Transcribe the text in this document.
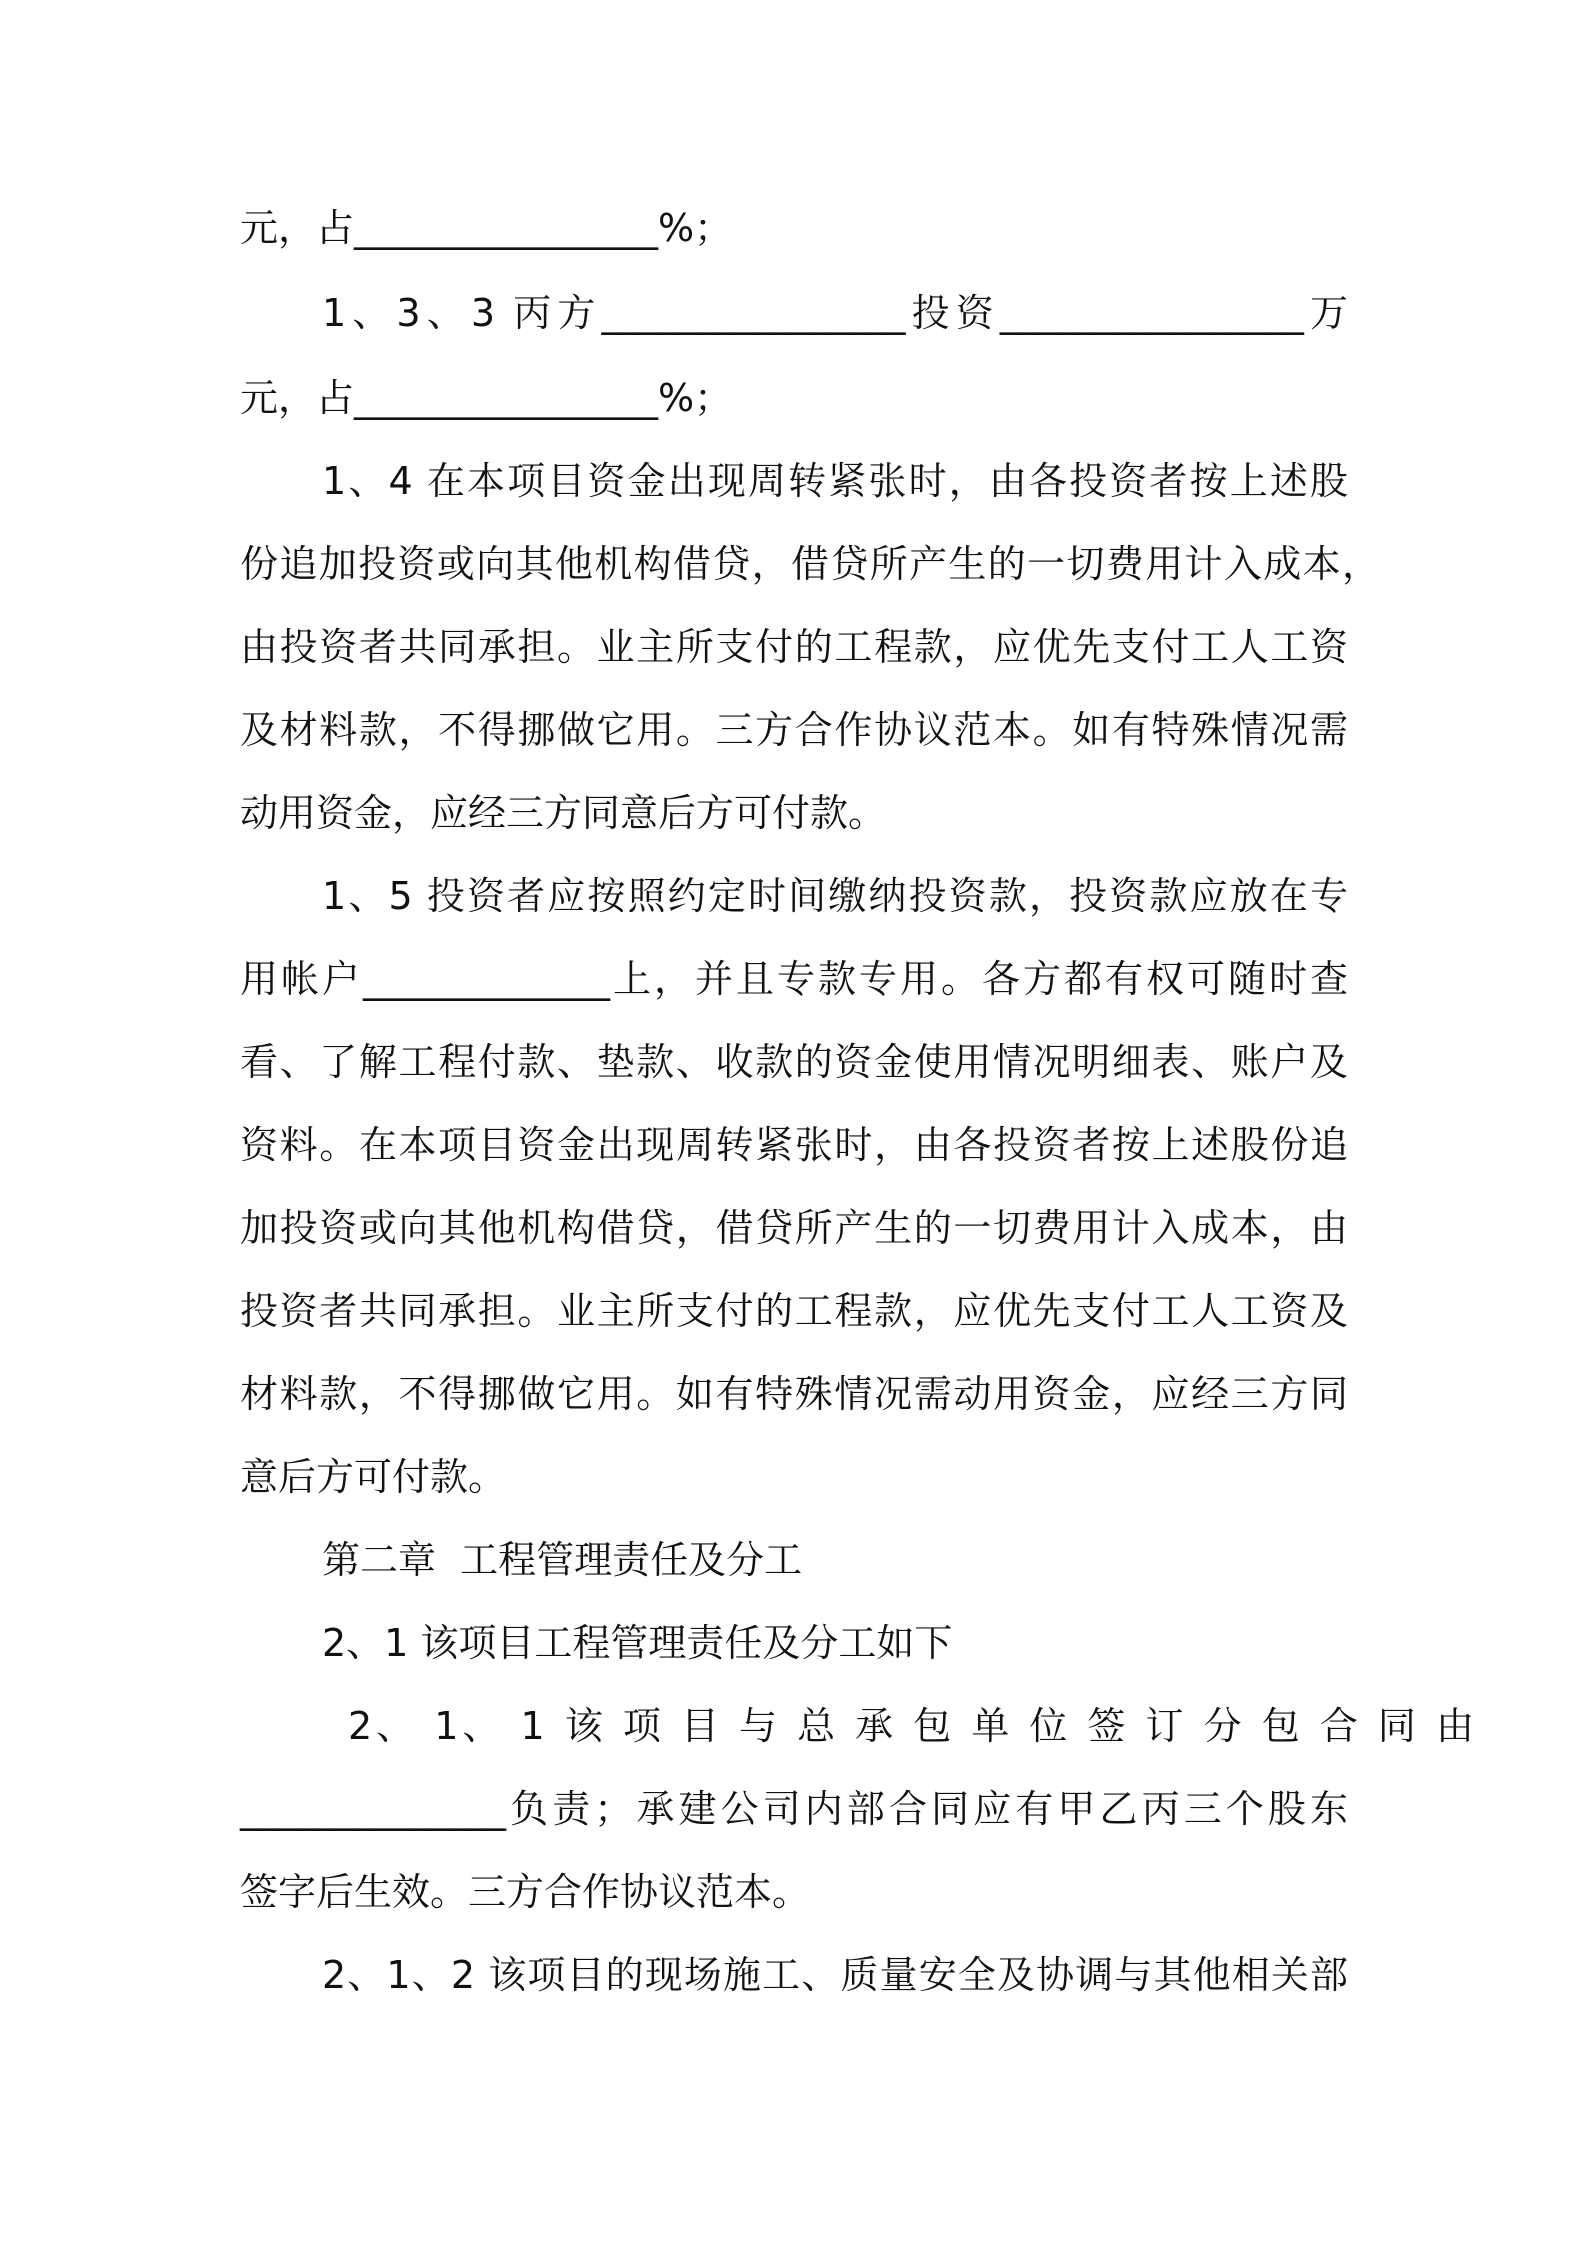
元，占________________%；
1、3、3 丙方________________投资________________万
元，占________________%；
1、4 在本项目资金出现周转紧张时，由各投资者按上述股
份追加投资或向其他机构借贷，借贷所产生的一切费用计入成本，
由投资者共同承担。业主所支付的工程款，应优先支付工人工资
及材料款，不得挪做它用。三方合作协议范本。如有特殊情况需
动用资金，应经三方同意后方可付款。
1、5 投资者应按照约定时间缴纳投资款，投资款应放在专
用帐户_____________上，并且专款专用。各方都有权可随时查
看、了解工程付款、垫款、收款的资金使用情况明细表、账户及
资料。在本项目资金出现周转紧张时，由各投资者按上述股份追
加投资或向其他机构借贷，借贷所产生的一切费用计入成本，由
投资者共同承担。业主所支付的工程款，应优先支付工人工资及
材料款，不得挪做它用。如有特殊情况需动用资金，应经三方同
意后方可付款。
第二章  工程管理责任及分工
2、1 该项目工程管理责任及分工如下
2、 1、 1 该 项 目 与 总 承 包 单 位 签 订 分 包 合 同 由
______________负责；承建公司内部合同应有甲乙丙三个股东
签字后生效。三方合作协议范本。
2、1、2 该项目的现场施工、质量安全及协调与其他相关部
